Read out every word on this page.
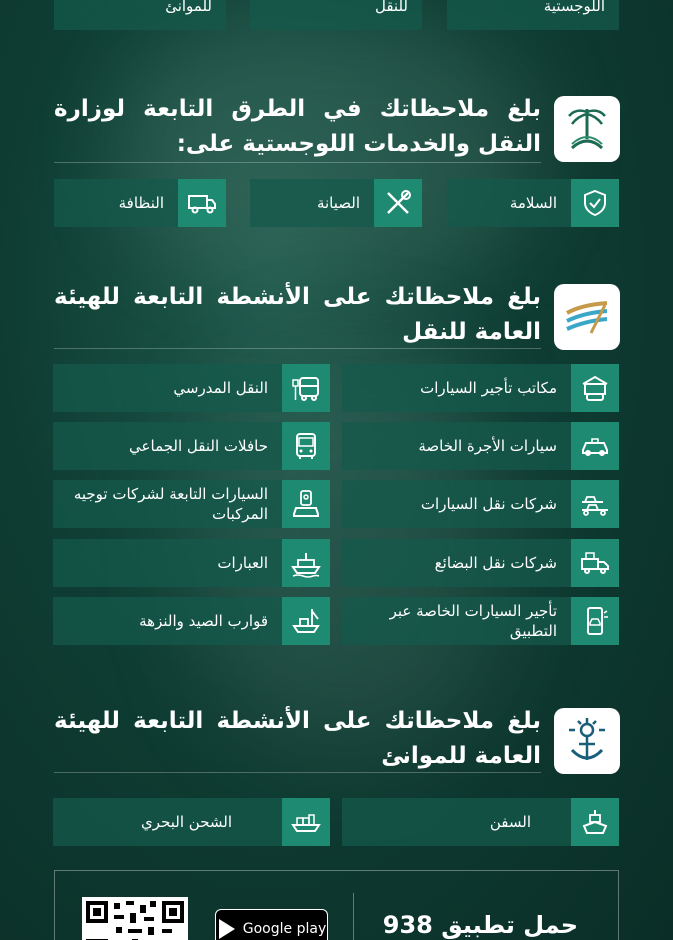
اللوجستية
للنقل
للموانئ
بلغ ملاحظاتك في الطرق التابعة لوزارة النقل والخدمات اللوجستية على:
السلامة
الصيانة
النظافة
بلغ ملاحظاتك على الأنشطة التابعة للهيئة العامة للنقل
مكاتب تأجير السيارات
النقل المدرسي
سيارات الأجرة الخاصة
حافلات النقل الجماعي
شركات نقل السيارات
السيارات التابعة لشركات توجيه المركبات
شركات نقل البضائع
العبارات
تأجير السيارات الخاصة عبر التطبيق
قوارب الصيد والنزهة
بلغ ملاحظاتك على الأنشطة التابعة للهيئة العامة للموانئ
السفن
الشحن البحري
حمل تطبيق 938
Google play
